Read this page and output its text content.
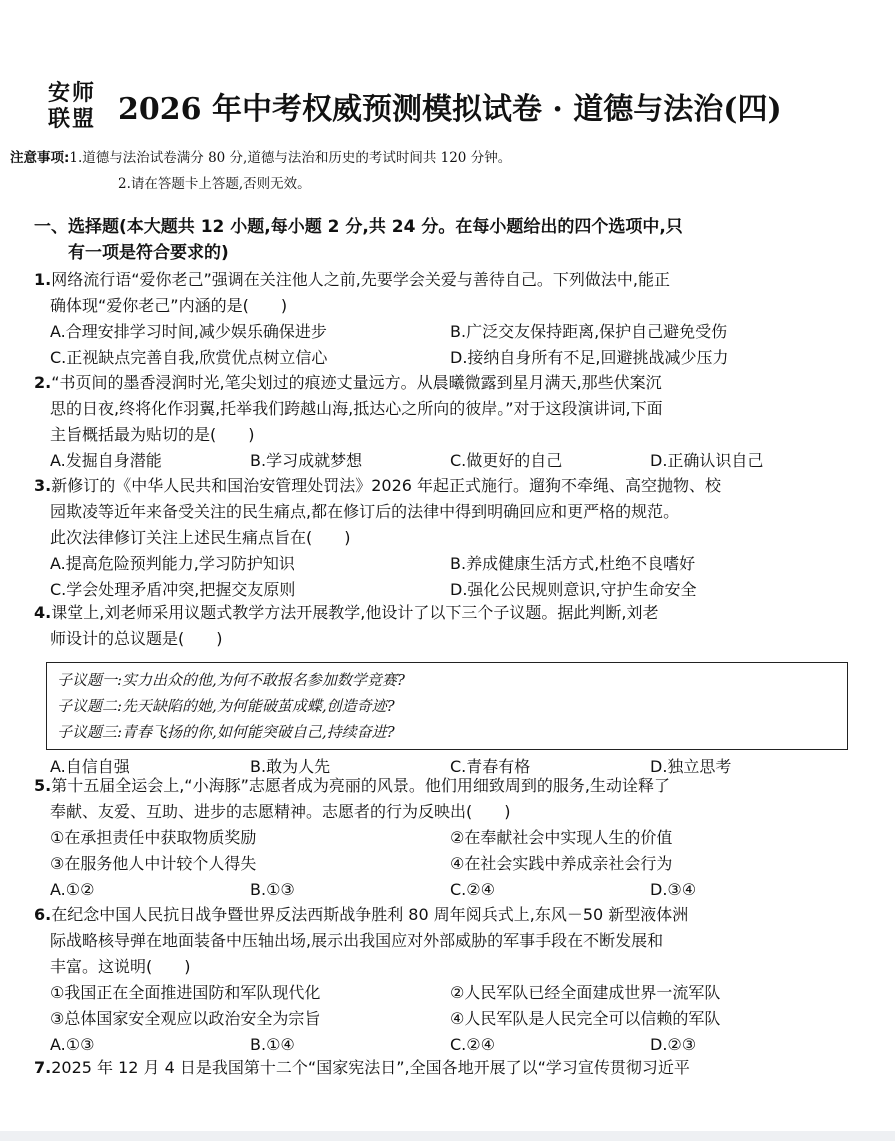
安师
联盟 2026 年中考权威预测模拟试卷 · 道德与法治(四)
注意事项:1.道德与法治试卷满分 80 分,道德与法治和历史的考试时间共 120 分钟。
2.请在答题卡上答题,否则无效。
一、选择题(本大题共 12 小题,每小题 2 分,共 24 分。在每小题给出的四个选项中,只
有一项是符合要求的)
1.网络流行语“爱你老己”强调在关注他人之前,先要学会关爱与善待自己。下列做法中,能正
确体现“爱你老己”内涵的是(　　)
A.合理安排学习时间,减少娱乐确保进步	B.广泛交友保持距离,保护自己避免受伤
C.正视缺点完善自我,欣赏优点树立信心	D.接纳自身所有不足,回避挑战减少压力
2.“书页间的墨香浸润时光,笔尖划过的痕迹丈量远方。从晨曦微露到星月满天,那些伏案沉
思的日夜,终将化作羽翼,托举我们跨越山海,抵达心之所向的彼岸。”对于这段演讲词,下面
主旨概括最为贴切的是(　　)
A.发掘自身潜能	B.学习成就梦想	C.做更好的自己	D.正确认识自己
3.新修订的《中华人民共和国治安管理处罚法》2026 年起正式施行。遛狗不牵绳、高空抛物、校
园欺凌等近年来备受关注的民生痛点,都在修订后的法律中得到明确回应和更严格的规范。
此次法律修订关注上述民生痛点旨在(　　)
A.提高危险预判能力,学习防护知识	B.养成健康生活方式,杜绝不良嗜好
C.学会处理矛盾冲突,把握交友原则	D.强化公民规则意识,守护生命安全
4.课堂上,刘老师采用议题式教学方法开展教学,他设计了以下三个子议题。据此判断,刘老
师设计的总议题是(　　)
子议题一:实力出众的他,为何不敢报名参加数学竞赛?
子议题二:先天缺陷的她,为何能破茧成蝶,创造奇迹?
子议题三:青春飞扬的你,如何能突破自己,持续奋进?
A.自信自强	B.敢为人先	C.青春有格	D.独立思考
5.第十五届全运会上,“小海豚”志愿者成为亮丽的风景。他们用细致周到的服务,生动诠释了
奉献、友爱、互助、进步的志愿精神。志愿者的行为反映出(　　)
①在承担责任中获取物质奖励	②在奉献社会中实现人生的价值
③在服务他人中计较个人得失	④在社会实践中养成亲社会行为
A.①②	B.①③	C.②④	D.③④
6.在纪念中国人民抗日战争暨世界反法西斯战争胜利 80 周年阅兵式上,东风－50 新型液体洲
际战略核导弹在地面装备中压轴出场,展示出我国应对外部威胁的军事手段在不断发展和
丰富。这说明(　　)
①我国正在全面推进国防和军队现代化	②人民军队已经全面建成世界一流军队
③总体国家安全观应以政治安全为宗旨	④人民军队是人民完全可以信赖的军队
A.①③	B.①④	C.②④	D.②③
7.2025 年 12 月 4 日是我国第十二个“国家宪法日”,全国各地开展了以“学习宣传贯彻习近平
